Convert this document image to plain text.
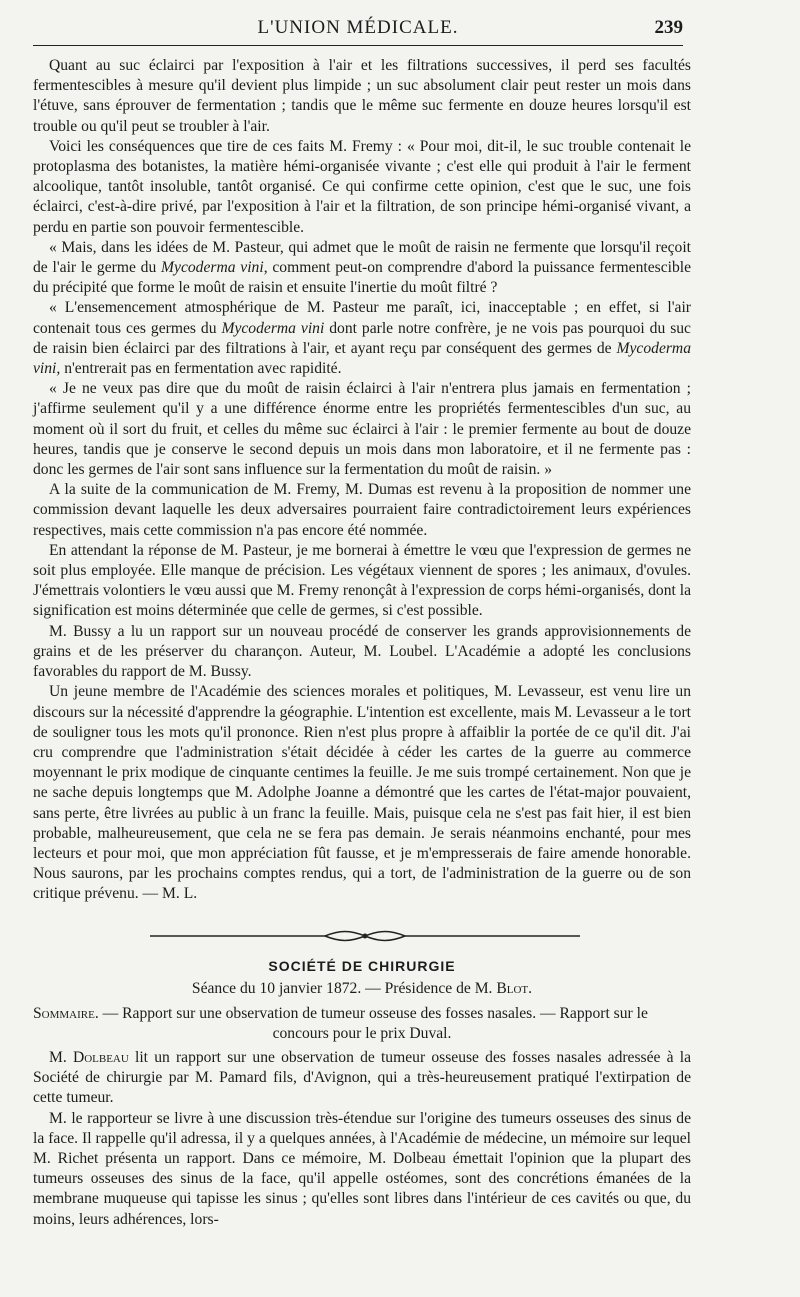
L'UNION MÉDICALE.	239

Quant au suc éclairci par l'exposition à l'air et les filtrations successives, il perd ses facultés fermentescibles à mesure qu'il devient plus limpide ; un suc absolument clair peut rester un mois dans l'étuve, sans éprouver de fermentation ; tandis que le même suc fermente en douze heures lorsqu'il est trouble ou qu'il peut se troubler à l'air.

Voici les conséquences que tire de ces faits M. Fremy : « Pour moi, dit-il, le suc trouble contenait le protoplasma des botanistes, la matière hémi-organisée vivante ; c'est elle qui produit à l'air le ferment alcoolique, tantôt insoluble, tantôt organisé. Ce qui confirme cette opinion, c'est que le suc, une fois éclairci, c'est-à-dire privé, par l'exposition à l'air et la filtration, de son principe hémi-organisé vivant, a perdu en partie son pouvoir fermentescible.

« Mais, dans les idées de M. Pasteur, qui admet que le moût de raisin ne fermente que lorsqu'il reçoit de l'air le germe du Mycoderma vini, comment peut-on comprendre d'abord la puissance fermentescible du précipité que forme le moût de raisin et ensuite l'inertie du moût filtré ?

« L'ensemencement atmosphérique de M. Pasteur me paraît, ici, inacceptable ; en effet, si l'air contenait tous ces germes du Mycoderma vini dont parle notre confrère, je ne vois pas pourquoi du suc de raisin bien éclairci par des filtrations à l'air, et ayant reçu par conséquent des germes de Mycoderma vini, n'entrerait pas en fermentation avec rapidité.

« Je ne veux pas dire que du moût de raisin éclairci à l'air n'entrera plus jamais en fermentation ; j'affirme seulement qu'il y a une différence énorme entre les propriétés fermentescibles d'un suc, au moment où il sort du fruit, et celles du même suc éclairci à l'air : le premier fermente au bout de douze heures, tandis que je conserve le second depuis un mois dans mon laboratoire, et il ne fermente pas : donc les germes de l'air sont sans influence sur la fermentation du moût de raisin. »

A la suite de la communication de M. Fremy, M. Dumas est revenu à la proposition de nommer une commission devant laquelle les deux adversaires pourraient faire contradictoirement leurs expériences respectives, mais cette commission n'a pas encore été nommée.

En attendant la réponse de M. Pasteur, je me bornerai à émettre le vœu que l'expression de germes ne soit plus employée. Elle manque de précision. Les végétaux viennent de spores ; les animaux, d'ovules. J'émettrais volontiers le vœu aussi que M. Fremy renonçât à l'expression de corps hémi-organisés, dont la signification est moins déterminée que celle de germes, si c'est possible.

M. Bussy a lu un rapport sur un nouveau procédé de conserver les grands approvisionnements de grains et de les préserver du charançon. Auteur, M. Loubel. L'Académie a adopté les conclusions favorables du rapport de M. Bussy.

Un jeune membre de l'Académie des sciences morales et politiques, M. Levasseur, est venu lire un discours sur la nécessité d'apprendre la géographie. L'intention est excellente, mais M. Levasseur a le tort de souligner tous les mots qu'il prononce. Rien n'est plus propre à affaiblir la portée de ce qu'il dit. J'ai cru comprendre que l'administration s'était décidée à céder les cartes de la guerre au commerce moyennant le prix modique de cinquante centimes la feuille. Je me suis trompé certainement. Non que je ne sache depuis longtemps que M. Adolphe Joanne a démontré que les cartes de l'état-major pouvaient, sans perte, être livrées au public à un franc la feuille. Mais, puisque cela ne s'est pas fait hier, il est bien probable, malheureusement, que cela ne se fera pas demain. Je serais néanmoins enchanté, pour mes lecteurs et pour moi, que mon appréciation fût fausse, et je m'empresserais de faire amende honorable. Nous saurons, par les prochains comptes rendus, qui a tort, de l'administration de la guerre ou de son critique prévenu. — M. L.

SOCIÉTÉ DE CHIRURGIE
Séance du 10 janvier 1872. — Présidence de M. Blot.

Sommaire. — Rapport sur une observation de tumeur osseuse des fosses nasales. — Rapport sur le
concours pour le prix Duval.

M. Dolbeau lit un rapport sur une observation de tumeur osseuse des fosses nasales adressée à la Société de chirurgie par M. Pamard fils, d'Avignon, qui a très-heureusement pratiqué l'extirpation de cette tumeur.

M. le rapporteur se livre à une discussion très-étendue sur l'origine des tumeurs osseuses des sinus de la face. Il rappelle qu'il adressa, il y a quelques années, à l'Académie de médecine, un mémoire sur lequel M. Richet présenta un rapport. Dans ce mémoire, M. Dolbeau émettait l'opinion que la plupart des tumeurs osseuses des sinus de la face, qu'il appelle ostéomes, sont des concrétions émanées de la membrane muqueuse qui tapisse les sinus ; qu'elles sont libres dans l'intérieur de ces cavités ou que, du moins, leurs adhérences, lors-
